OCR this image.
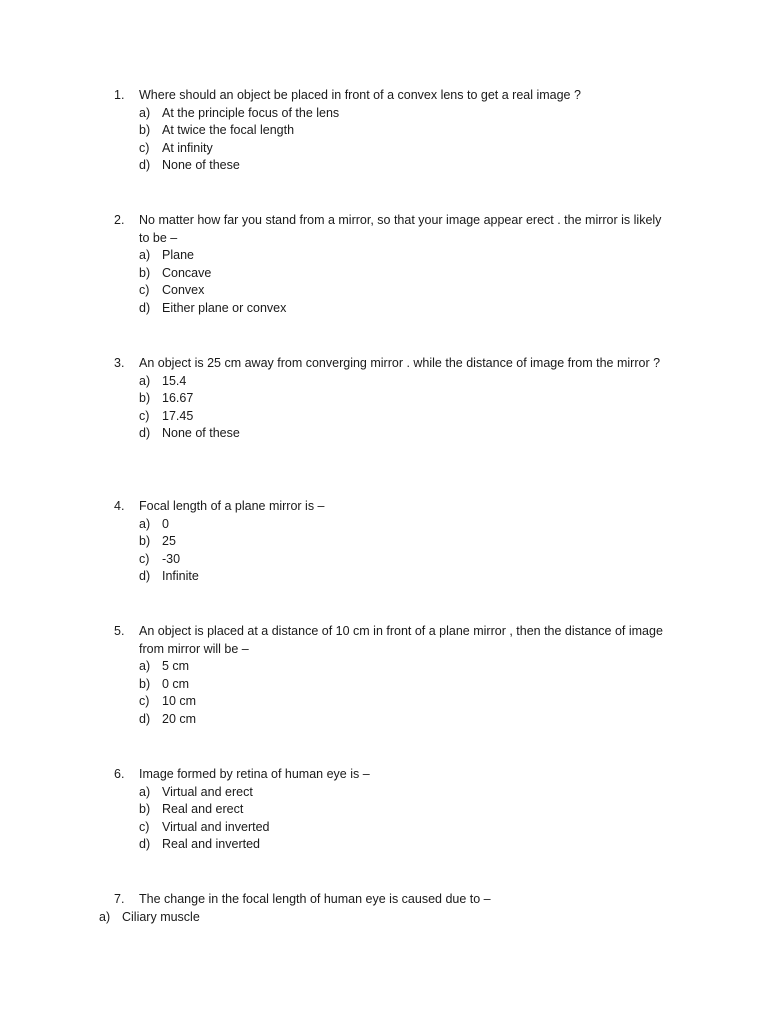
1.	Where should an object be placed in front of a convex lens to get a real image ?
a) At the principle focus of the lens
b) At twice the focal length
c)	At infinity
d) None of these
2.	No matter how far you stand from a mirror, so that your image appear erect . the mirror is likely to be –
a) Plane
b) Concave
c)	Convex
d) Either plane or convex
3.	An object is 25 cm away from converging mirror . while the distance of image from the mirror ?
a) 15.4
b) 16.67
c)	17.45
d) None of these
4.	Focal length of a plane mirror is –
a) 0
b) 25
c)	-30
d) Infinite
5.	An object is placed at a distance of 10 cm in front of a plane mirror , then the distance of image from mirror will be –
a) 5 cm
b) 0 cm
c)	10 cm
d) 20 cm
6.	Image formed by retina of human eye is –
a) Virtual and erect
b) Real and erect
c)	Virtual and inverted
d) Real and inverted
7.	The change in the focal length of human eye is caused due to –
a) Ciliary muscle
